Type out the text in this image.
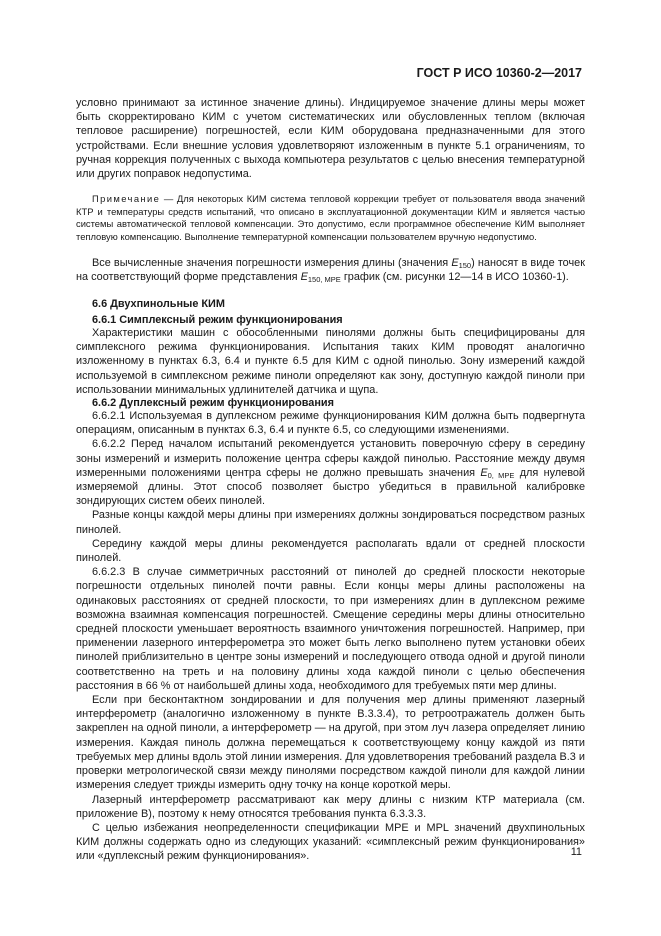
ГОСТ Р ИСО 10360-2—2017

условно принимают за истинное значение длины). Индицируемое значение длины меры может быть скорректировано КИМ с учетом систематических или обусловленных теплом (включая тепловое расширение) погрешностей, если КИМ оборудована предназначенными для этого устройствами. Если внешние условия удовлетворяют изложенным в пункте 5.1 ограничениям, то ручная коррекция полученных с выхода компьютера результатов с целью внесения температурной или других поправок недопустима.

Примечание — Для некоторых КИМ система тепловой коррекции требует от пользователя ввода значений КТР и температуры средств испытаний, что описано в эксплуатационной документации КИМ и является частью системы автоматической тепловой компенсации. Это допустимо, если программное обеспечение КИМ выполняет тепловую компенсацию. Выполнение температурной компенсации пользователем вручную недопустимо.

Все вычисленные значения погрешности измерения длины (значения $E_{150}$) наносят в виде точек на соответствующий форме представления $E_{150, MPE}$ график (см. рисунки 12—14 в ИСО 10360-1).

6.6 Двухпинольные КИМ
6.6.1 Симплексный режим функционирования

Характеристики машин с обособленными пинолями должны быть специфицированы для симплексного режима функционирования. Испытания таких КИМ проводят аналогично изложенному в пунктах 6.3, 6.4 и пункте 6.5 для КИМ с одной пинолью. Зону измерений каждой используемой в симплексном режиме пиноли определяют как зону, доступную каждой пиноли при использовании минимальных удлинителей датчика и щупа.

6.6.2 Дуплексный режим функционирования

6.6.2.1 Используемая в дуплексном режиме функционирования КИМ должна быть подвергнута операциям, описанным в пунктах 6.3, 6.4 и пункте 6.5, со следующими изменениями.

6.6.2.2 Перед началом испытаний рекомендуется установить поверочную сферу в середину зоны измерений и измерить положение центра сферы каждой пинолью. Расстояние между двумя измеренными положениями центра сферы не должно превышать значения $E_{0, MPE}$ для нулевой измеряемой длины. Этот способ позволяет быстро убедиться в правильной калибровке зондирующих систем обеих пинолей.

Разные концы каждой меры длины при измерениях должны зондироваться посредством разных пинолей.

Середину каждой меры длины рекомендуется располагать вдали от средней плоскости пинолей.

6.6.2.3 В случае симметричных расстояний от пинолей до средней плоскости некоторые погрешности отдельных пинолей почти равны. Если концы меры длины расположены на одинаковых расстояниях от средней плоскости, то при измерениях длин в дуплексном режиме возможна взаимная компенсация погрешностей. Смещение середины меры длины относительно средней плоскости уменьшает вероятность взаимного уничтожения погрешностей. Например, при применении лазерного интерферометра это может быть легко выполнено путем установки обеих пинолей приблизительно в центре зоны измерений и последующего отвода одной и другой пиноли соответственно на треть и на половину длины хода каждой пиноли с целью обеспечения расстояния в 66 % от наибольшей длины хода, необходимого для требуемых пяти мер длины.

Если при бесконтактном зондировании и для получения мер длины применяют лазерный интерферометр (аналогично изложенному в пункте В.3.3.4), то ретроотражатель должен быть закреплен на одной пиноли, а интерферометр — на другой, при этом луч лазера определяет линию измерения. Каждая пиноль должна перемещаться к соответствующему концу каждой из пяти требуемых мер длины вдоль этой линии измерения. Для удовлетворения требований раздела В.3 и проверки метрологической связи между пинолями посредством каждой пиноли для каждой линии измерения следует трижды измерить одну точку на конце короткой меры.

Лазерный интерферометр рассматривают как меру длины с низким КТР материала (см. приложение В), поэтому к нему относятся требования пункта 6.3.3.3.

С целью избежания неопределенности спецификации MPE и MPL значений двухпинольных КИМ должны содержать одно из следующих указаний: «симплексный режим функционирования» или «дуплексный режим функционирования».	11
